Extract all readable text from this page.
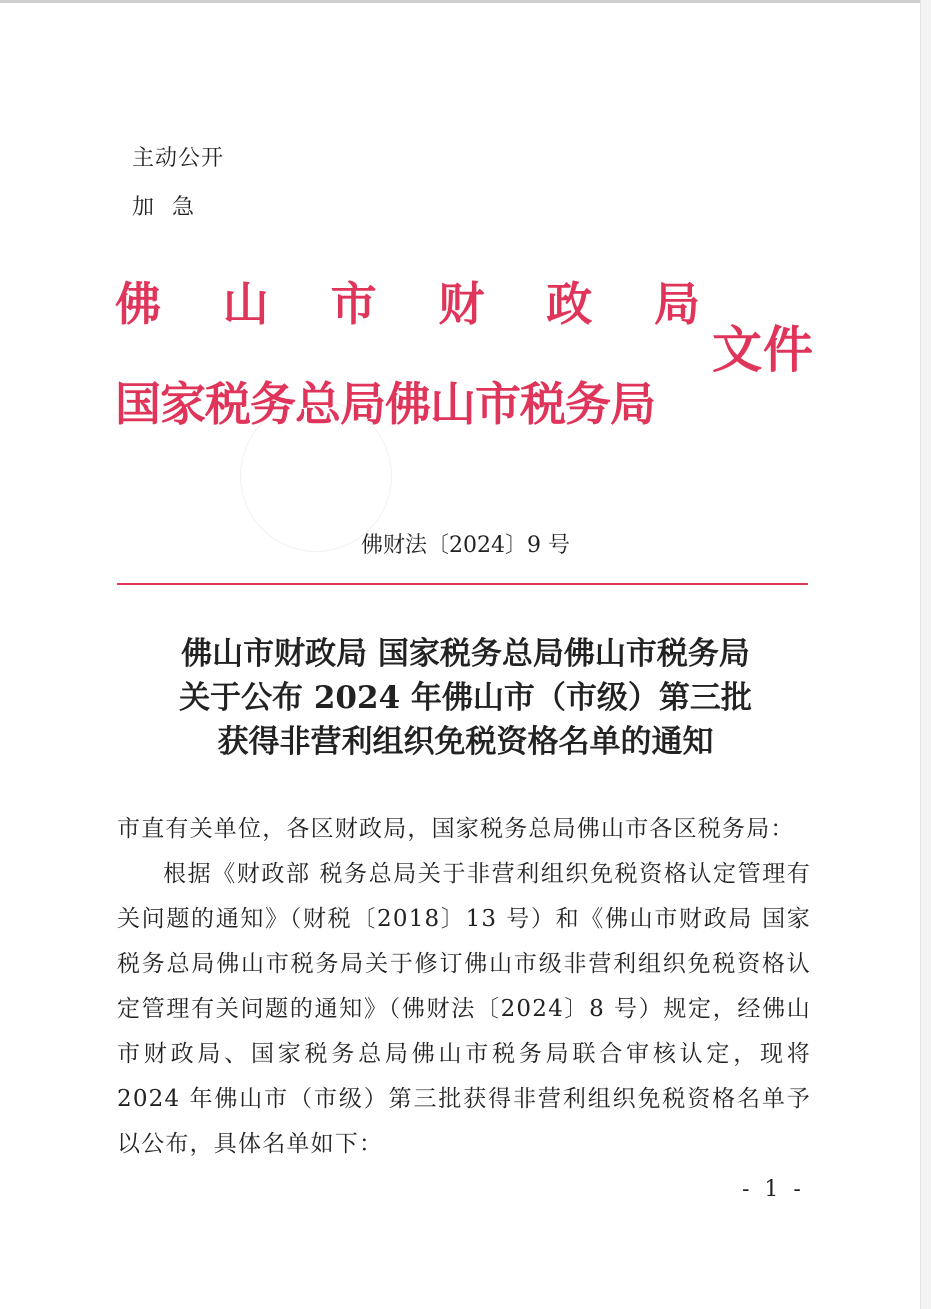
主动公开
加急
佛 山 市 财 政 局
国家税务总局佛山市税务局
文件
佛财法〔2024〕9 号
佛山市财政局 国家税务总局佛山市税务局
关于公布 2024 年佛山市（市级）第三批
获得非营利组织免税资格名单的通知

市直有关单位，各区财政局，国家税务总局佛山市各区税务局：

根据《财政部 税务总局关于非营利组织免税资格认定管理有关问题的通知》（财税〔2018〕13 号）和《佛山市财政局 国家税务总局佛山市税务局关于修订佛山市级非营利组织免税资格认定管理有关问题的通知》（佛财法〔2024〕8 号）规定，经佛山市财政局、国家税务总局佛山市税务局联合审核认定，现将 2024 年佛山市（市级）第三批获得非营利组织免税资格名单予以公布，具体名单如下：

- 1 -
